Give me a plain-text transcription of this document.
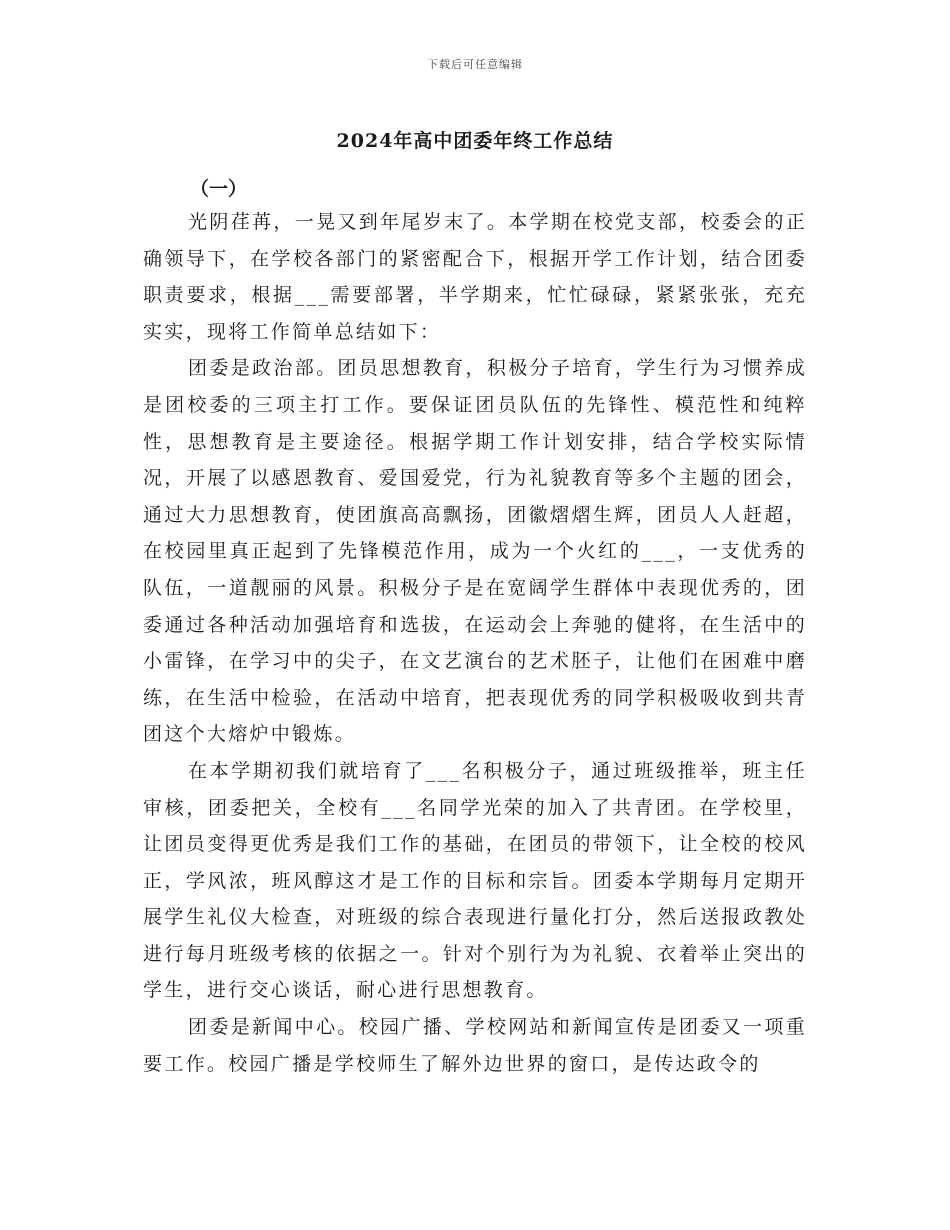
下载后可任意编辑
2024年高中团委年终工作总结
（一）

光阴荏苒，一晃又到年尾岁末了。本学期在校党支部，校委会的正确领导下，在学校各部门的紧密配合下，根据开学工作计划，结合团委职责要求，根据___需要部署，半学期来，忙忙碌碌，紧紧张张，充充实实，现将工作简单总结如下：

团委是政治部。团员思想教育，积极分子培育，学生行为习惯养成是团校委的三项主打工作。要保证团员队伍的先锋性、模范性和纯粹性，思想教育是主要途径。根据学期工作计划安排，结合学校实际情况，开展了以感恩教育、爱国爱党，行为礼貌教育等多个主题的团会，通过大力思想教育，使团旗高高飘扬，团徽熠熠生辉，团员人人赶超，在校园里真正起到了先锋模范作用，成为一个火红的___，一支优秀的队伍，一道靓丽的风景。积极分子是在宽阔学生群体中表现优秀的，团委通过各种活动加强培育和选拔，在运动会上奔驰的健将，在生活中的小雷锋，在学习中的尖子，在文艺演台的艺术胚子，让他们在困难中磨练，在生活中检验，在活动中培育，把表现优秀的同学积极吸收到共青团这个大熔炉中锻炼。

在本学期初我们就培育了___名积极分子，通过班级推举，班主任审核，团委把关，全校有___名同学光荣的加入了共青团。在学校里，让团员变得更优秀是我们工作的基础，在团员的带领下，让全校的校风正，学风浓，班风醇这才是工作的目标和宗旨。团委本学期每月定期开展学生礼仪大检查，对班级的综合表现进行量化打分，然后送报政教处进行每月班级考核的依据之一。针对个别行为为礼貌、衣着举止突出的学生，进行交心谈话，耐心进行思想教育。

团委是新闻中心。校园广播、学校网站和新闻宣传是团委又一项重要工作。校园广播是学校师生了解外边世界的窗口，是传达政令的
